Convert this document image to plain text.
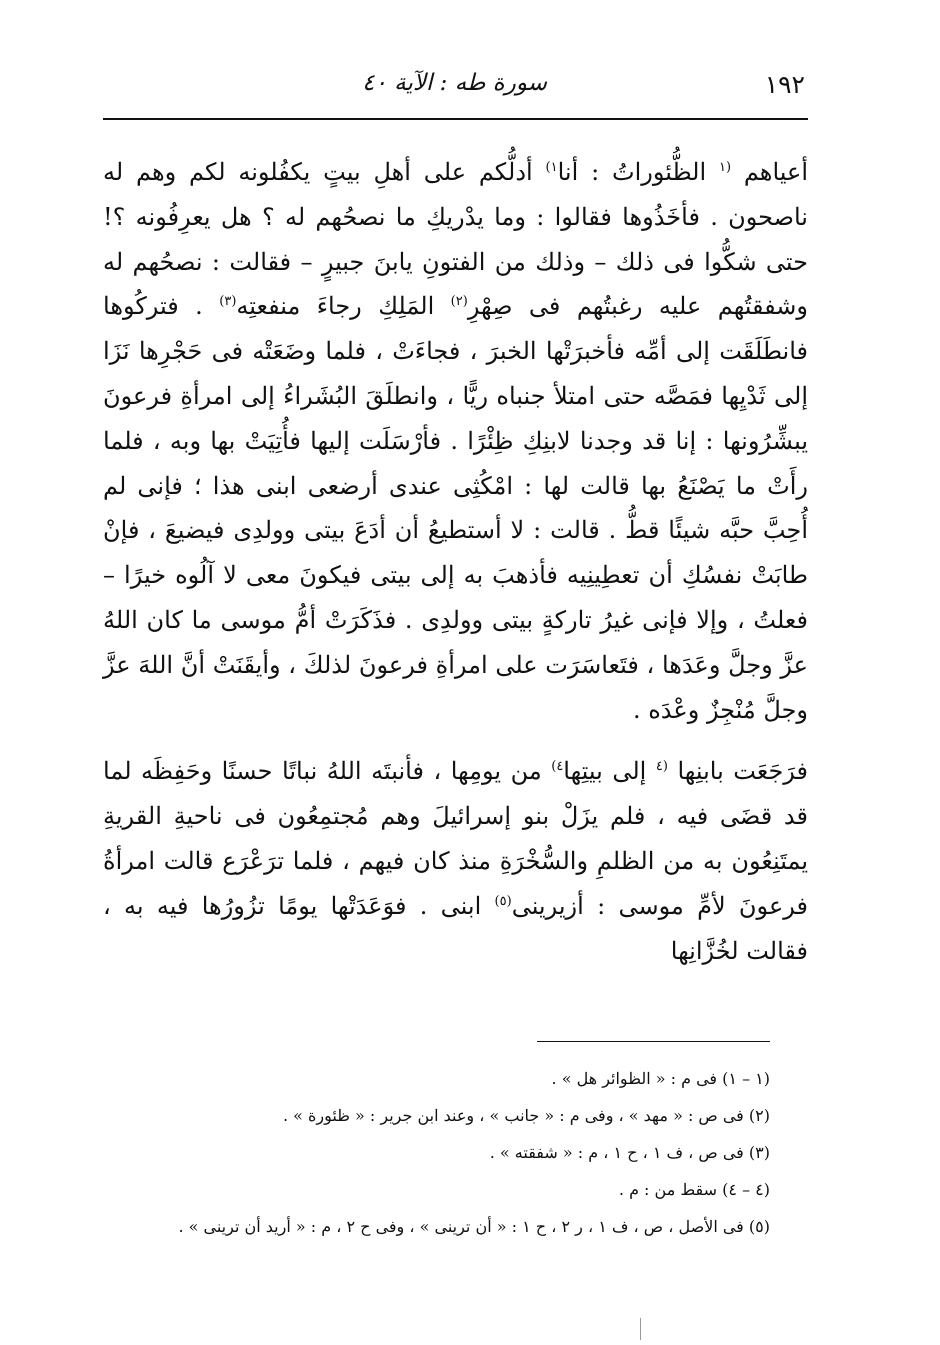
١٩٢
سورة طه : الآية ٤٠

أعياهم $^{(١}$ الظُّئوراتُ : أنا$^{١)}$ أدلُّكم على أهلِ بيتٍ يكفُلونه لكم وهم له ناصحون . فأخَذُوها فقالوا : وما يدْريكِ ما نصحُهم له ؟ هل يعرِفُونه ؟! حتى شكُّوا فى ذلك – وذلك من الفتونِ يابنَ جبيرٍ – فقالت : نصحُهم له وشفقتُهم عليه رغبتُهم فى صِهْرِ$^{(٢)}$ المَلِكِ رجاءَ منفعتِه$^{(٣)}$ . فتركُوها فانطَلَقَت إلى أمِّه فأخبرَتْها الخبرَ ، فجاءَتْ ، فلما وضَعَتْه فى حَجْرِها نَزَا إلى ثَدْيِها فمَصَّه حتى امتلأ جنباه ريًّا ، وانطلَقَ البُشَراءُ إلى امرأةِ فرعونَ يبشِّرُونها : إنا قد وجدنا لابنِكِ ظِئْرًا . فأرْسَلَت إليها فأُتِيَتْ بها وبه ، فلما رأَتْ ما يَصْنَعُ بها قالت لها : امْكُثِى عندى أرضعى ابنى هذا ؛ فإنى لم أُحِبَّ حبَّه شيئًا قطُّ . قالت : لا أستطيعُ أن أدَعَ بيتى وولدِى فيضيعَ ، فإنْ طابَتْ نفسُكِ أن تعطِينِيه فأذهبَ به إلى بيتى فيكونَ معى لا آلُوه خيرًا – فعلتُ ، وإلا فإنى غيرُ تاركةٍ بيتى وولدِى . فذَكَرَتْ أمُّ موسى ما كان اللهُ عزَّ وجلَّ وعَدَها ، فتَعاسَرَت على امرأةِ فرعونَ لذلكَ ، وأيقَنَتْ أنَّ اللهَ عزَّ وجلَّ مُنْجِزٌ وعْدَه .

فرَجَعَت بابنِها $^{(٤}$ إلى بيتِها$^{٤)}$ من يومِها ، فأنبتَه اللهُ نباتًا حسنًا وحَفِظَه لما قد قضَى فيه ، فلم يزَلْ بنو إسرائيلَ وهم مُجتمِعُون فى ناحيةِ القريةِ يمتَنِعُون به من الظلمِ والسُّخْرَةِ منذ كان فيهم ، فلما ترَعْرَع قالت امرأةُ فرعونَ لأمِّ موسى : أزيرينى$^{(٥)}$ ابنى . فوَعَدَتْها يومًا تزُورُها فيه به ، فقالت لخُزَّانِها

(١ – ١) فى م : « الظوائر هل » .

(٢) فى ص : « مهد » ، وفى م : « جانب » ، وعند ابن جرير : « ظئورة » .

(٣) فى ص ، ف ١ ، ح ١ ، م : « شفقته » .

(٤ – ٤) سقط من : م .

(٥) فى الأصل ، ص ، ف ١ ، ر ٢ ، ح ١ : « أن ترينى » ، وفى ح ٢ ، م : « أريد أن ترينى » .
